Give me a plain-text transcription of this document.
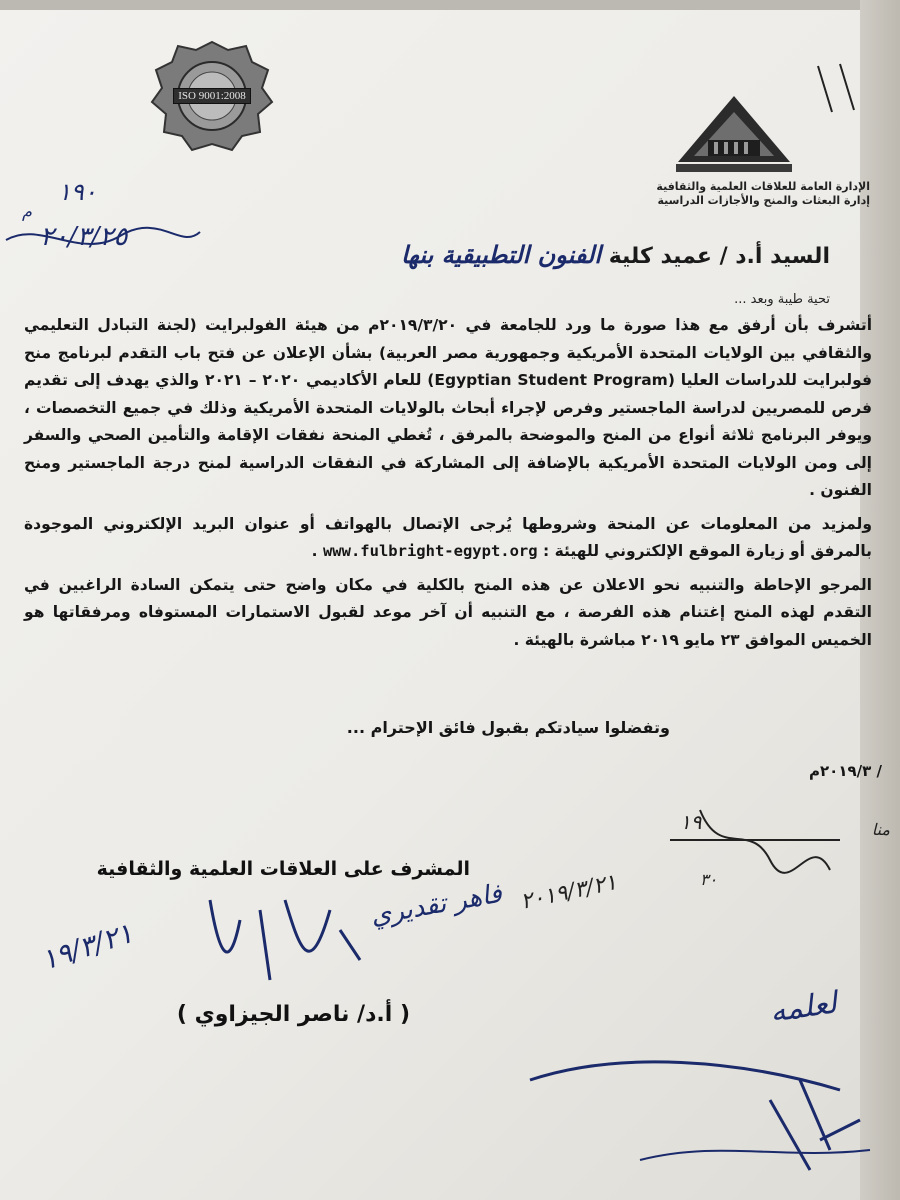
ISO 9001:2008
الإدارة العامة للعلاقات العلمية والثقافية
إدارة البعثات والمنح والأجازات الدراسية
١٩٠
م
٢٠/٣/٢٥
السيد أ.د / عميد كلية الفنون التطبيقية بنها
تحية طيبة وبعد ...

أتشرف بأن أرفق مع هذا صورة ما ورد للجامعة في ٢٠١٩/٣/٢٠م من هيئة الفولبرايت (لجنة التبادل التعليمي والثقافي بين الولايات المتحدة الأمريكية وجمهورية مصر العربية) بشأن الإعلان عن فتح باب التقدم لبرنامج منح فولبرايت للدراسات العليا (Egyptian Student Program) للعام الأكاديمي ٢٠٢٠ – ٢٠٢١ والذي يهدف إلى تقديم فرص للمصريين لدراسة الماجستير وفرص لإجراء أبحاث بالولايات المتحدة الأمريكية وذلك في جميع التخصصات ، ويوفر البرنامج ثلاثة أنواع من المنح والموضحة بالمرفق ، تُغطي المنحة نفقات الإقامة والتأمين الصحي والسفر إلى ومن الولايات المتحدة الأمريكية بالإضافة إلى المشاركة في النفقات الدراسية لمنح درجة الماجستير ومنح الفنون .

ولمزيد من المعلومات عن المنحة وشروطها يُرجى الإتصال بالهواتف أو عنوان البريد الإلكتروني الموجودة بالمرفق أو زيارة الموقع الإلكتروني للهيئة : www.fulbright-egypt.org .

المرجو الإحاطة والتنبيه نحو الاعلان عن هذه المنح بالكلية في مكان واضح حتى يتمكن السادة الراغبين في التقدم لهذه المنح إغتنام هذه الفرصة ، مع التنبيه أن آخر موعد لقبول الاستمارات المستوفاه ومرفقاتها هو الخميس الموافق ٢٣ مايو ٢٠١٩ مباشرة بالهيئة .

وتفضلوا سيادتكم بقبول فائق الإحترام ...
/ ٢٠١٩/٣م
منا
١٩
٣٠
المشرف على العلاقات العلمية والثقافية
١٩/٣/٢١
فاهر تقديري ٢٠١٩/٣/٢١
( أ.د/ ناصر الجيزاوي )	لعلمه
